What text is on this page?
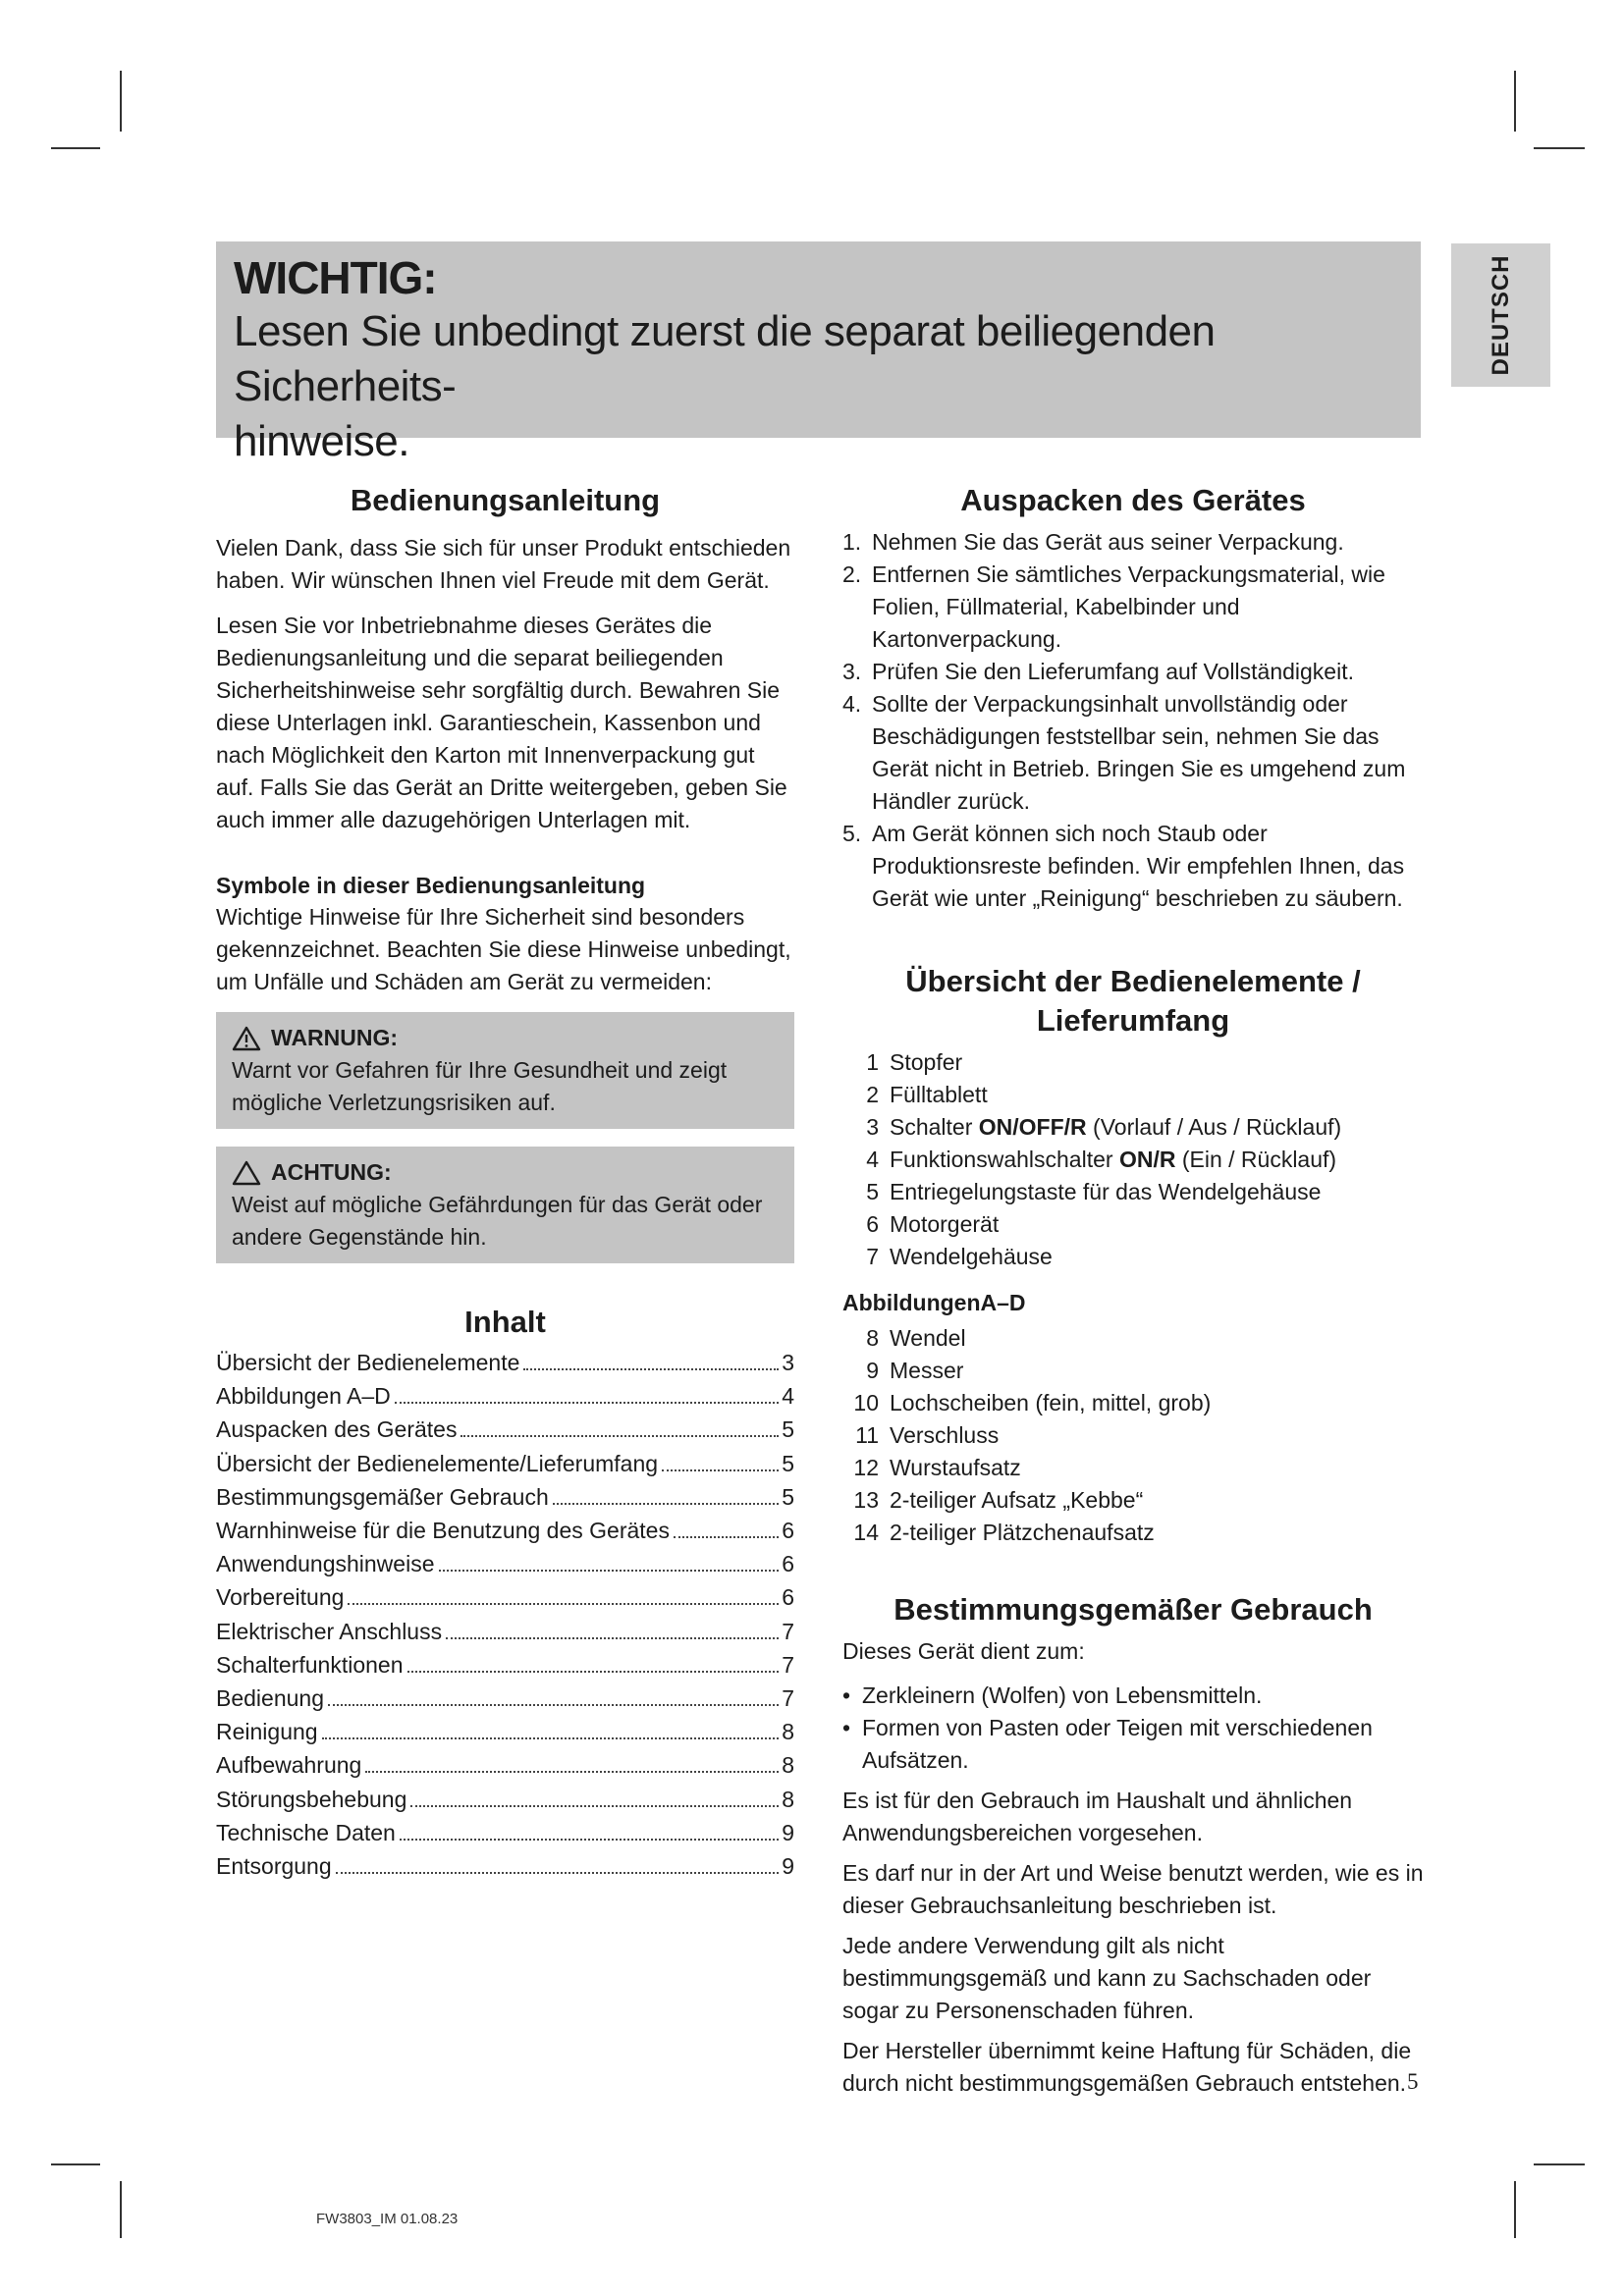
WICHTIG:
Lesen Sie unbedingt zuerst die separat beiliegenden Sicherheits-
hinweise.
DEUTSCH
Bedienungsanleitung

Vielen Dank, dass Sie sich für unser Produkt entschieden haben. Wir wünschen Ihnen viel Freude mit dem Gerät.

Lesen Sie vor Inbetriebnahme dieses Gerätes die Bedienungsanleitung und die separat beiliegenden Sicherheitshinweise sehr sorgfältig durch. Bewahren Sie diese Unterlagen inkl. Garantieschein, Kassenbon und nach Möglichkeit den Karton mit Innenverpackung gut auf. Falls Sie das Gerät an Dritte weitergeben, geben Sie auch immer alle dazugehörigen Unterlagen mit.

Symbole in dieser Bedienungsanleitung

Wichtige Hinweise für Ihre Sicherheit sind besonders gekennzeichnet. Beachten Sie diese Hinweise unbedingt, um Unfälle und Schäden am Gerät zu vermeiden:

WARNUNG:

Warnt vor Gefahren für Ihre Gesundheit und zeigt mögliche Verletzungsrisiken auf.

ACHTUNG:

Weist auf mögliche Gefährdungen für das Gerät oder andere Gegenstände hin.

Inhalt
Übersicht der Bedienelemente	3
Abbildungen A–D	4
Auspacken des Gerätes	5
Übersicht der Bedienelemente/Lieferumfang	5
Bestimmungsgemäßer Gebrauch	5
Warnhinweise für die Benutzung des Gerätes	6
Anwendungshinweise	6
Vorbereitung	6
Elektrischer Anschluss	7
Schalterfunktionen	7
Bedienung	7
Reinigung	8
Aufbewahrung	8
Störungsbehebung	8
Technische Daten	9
Entsorgung	9
Auspacken des Gerätes
1. Nehmen Sie das Gerät aus seiner Verpackung.
2. Entfernen Sie sämtliches Verpackungsmaterial, wie Folien, Füllmaterial, Kabelbinder und Kartonverpackung.
3. Prüfen Sie den Lieferumfang auf Vollständigkeit.
4. Sollte der Verpackungsinhalt unvollständig oder Beschädigungen feststellbar sein, nehmen Sie das Gerät nicht in Betrieb. Bringen Sie es umgehend zum Händler zurück.
5. Am Gerät können sich noch Staub oder Produktionsreste befinden. Wir empfehlen Ihnen, das Gerät wie unter „Reinigung“ beschrieben zu säubern.
Übersicht der Bedienelemente /
Lieferumfang
1 Stopfer
2 Fülltablett
3 Schalter ON/OFF/R (Vorlauf / Aus / Rücklauf)
4 Funktionswahlschalter ON/R (Ein / Rücklauf)
5 Entriegelungstaste für das Wendelgehäuse
6 Motorgerät
7 Wendelgehäuse
AbbildungenA–D
8 Wendel
9 Messer
10 Lochscheiben (fein, mittel, grob)
11 Verschluss
12 Wurstaufsatz
13 2-teiliger Aufsatz „Kebbe“
14 2-teiliger Plätzchenaufsatz
Bestimmungsgemäßer Gebrauch

Dieses Gerät dient zum:

• Zerkleinern (Wolfen) von Lebensmitteln.
• Formen von Pasten oder Teigen mit verschiedenen Aufsätzen.

Es ist für den Gebrauch im Haushalt und ähnlichen Anwendungsbereichen vorgesehen.

Es darf nur in der Art und Weise benutzt werden, wie es in dieser Gebrauchsanleitung beschrieben ist.

Jede andere Verwendung gilt als nicht bestimmungsgemäß und kann zu Sachschaden oder sogar zu Personenschaden führen.

Der Hersteller übernimmt keine Haftung für Schäden, die durch nicht bestimmungsgemäßen Gebrauch entstehen. 5
FW3803_IM 01.08.23
